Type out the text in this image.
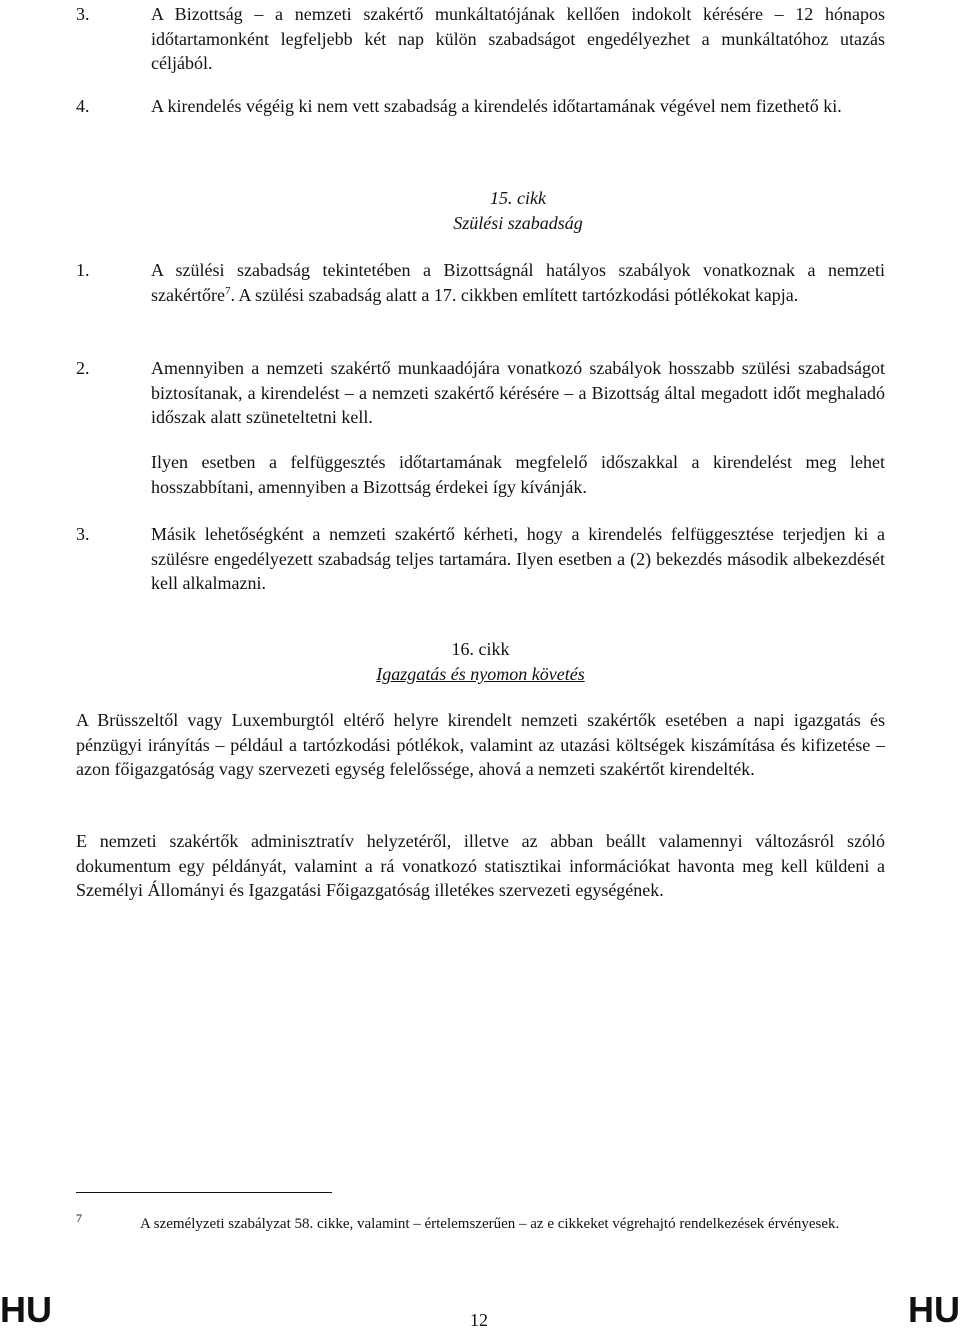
3.	A Bizottság – a nemzeti szakértő munkáltatójának kellően indokolt kérésére – 12 hónapos időtartamonként legfeljebb két nap külön szabadságot engedélyezhet a munkáltatóhoz utazás céljából.
4.	A kirendelés végéig ki nem vett szabadság a kirendelés időtartamának végével nem fizethető ki.
15. cikk
Szülési szabadság
1.	A szülési szabadság tekintetében a Bizottságnál hatályos szabályok vonatkoznak a nemzeti szakértőre$^7$. A szülési szabadság alatt a 17. cikkben említett tartózkodási pótlékokat kapja.
2.	Amennyiben a nemzeti szakértő munkaadójára vonatkozó szabályok hosszabb szülési szabadságot biztosítanak, a kirendelést – a nemzeti szakértő kérésére – a Bizottság által megadott időt meghaladó időszak alatt szüneteltetni kell.
Ilyen esetben a felfüggesztés időtartamának megfelelő időszakkal a kirendelést meg lehet hosszabbítani, amennyiben a Bizottság érdekei így kívánják.
3.	Másik lehetőségként a nemzeti szakértő kérheti, hogy a kirendelés felfüggesztése terjedjen ki a szülésre engedélyezett szabadság teljes tartamára. Ilyen esetben a (2) bekezdés második albekezdését kell alkalmazni.
16. cikk
Igazgatás és nyomon követés
A Brüsszeltől vagy Luxemburgtól eltérő helyre kirendelt nemzeti szakértők esetében a napi igazgatás és pénzügyi irányítás – például a tartózkodási pótlékok, valamint az utazási költségek kiszámítása és kifizetése – azon főigazgatóság vagy szervezeti egység felelőssége, ahová a nemzeti szakértőt kirendelték.
E nemzeti szakértők adminisztratív helyzetéről, illetve az abban beállt valamennyi változásról szóló dokumentum egy példányát, valamint a rá vonatkozó statisztikai információkat havonta meg kell küldeni a Személyi Állományi és Igazgatási Főigazgatóság illetékes szervezeti egységének.
7	A személyzeti szabályzat 58. cikke, valamint – értelemszerűen – az e cikkeket végrehajtó rendelkezések érvényesek.
HU	12	HU
